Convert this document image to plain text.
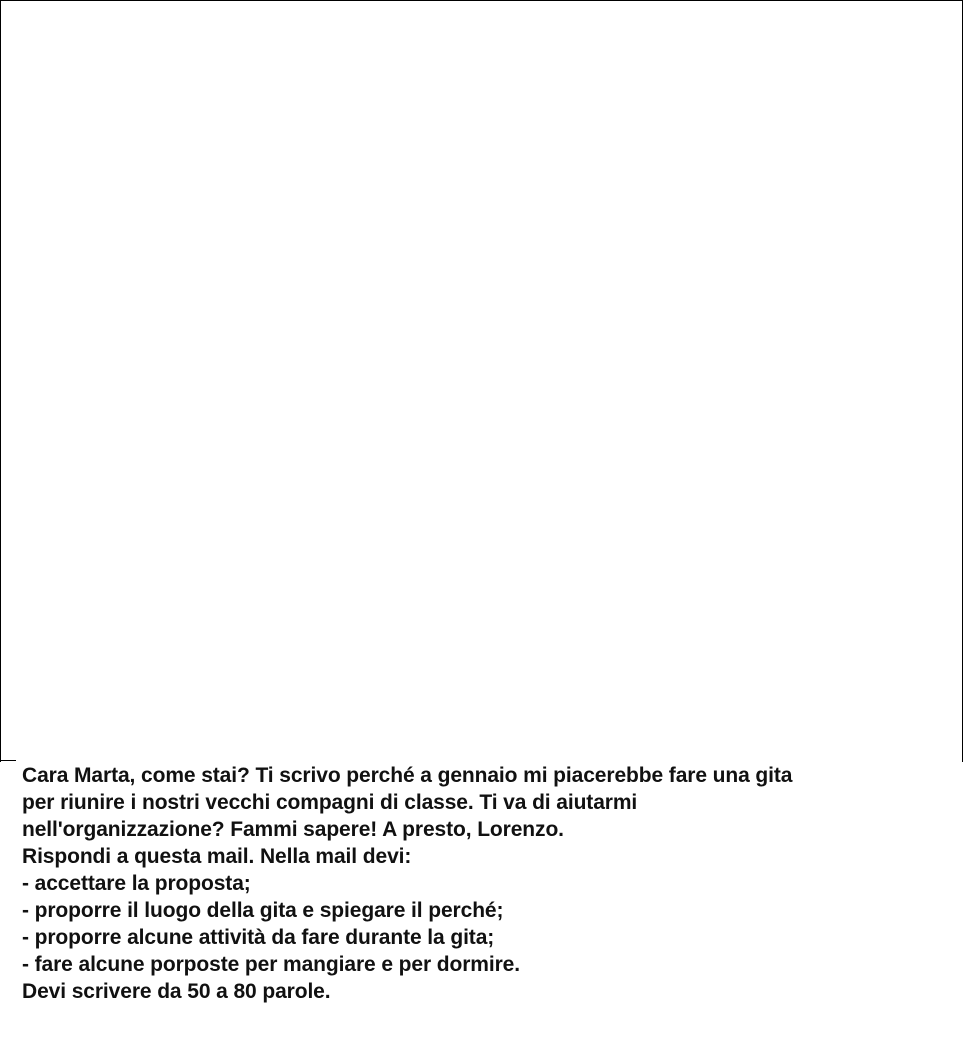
Cara Marta, come stai? Ti scrivo perché a gennaio mi piacerebbe fare una gita
per riunire i nostri vecchi compagni di classe. Ti va di aiutarmi
nell'organizzazione? Fammi sapere! A presto, Lorenzo.
Rispondi a questa mail. Nella mail devi:
- accettare la proposta;
- proporre il luogo della gita e spiegare il perché;
- proporre alcune attività da fare durante la gita;
- fare alcune porposte per mangiare e per dormire.
Devi scrivere da 50 a 80 parole.
